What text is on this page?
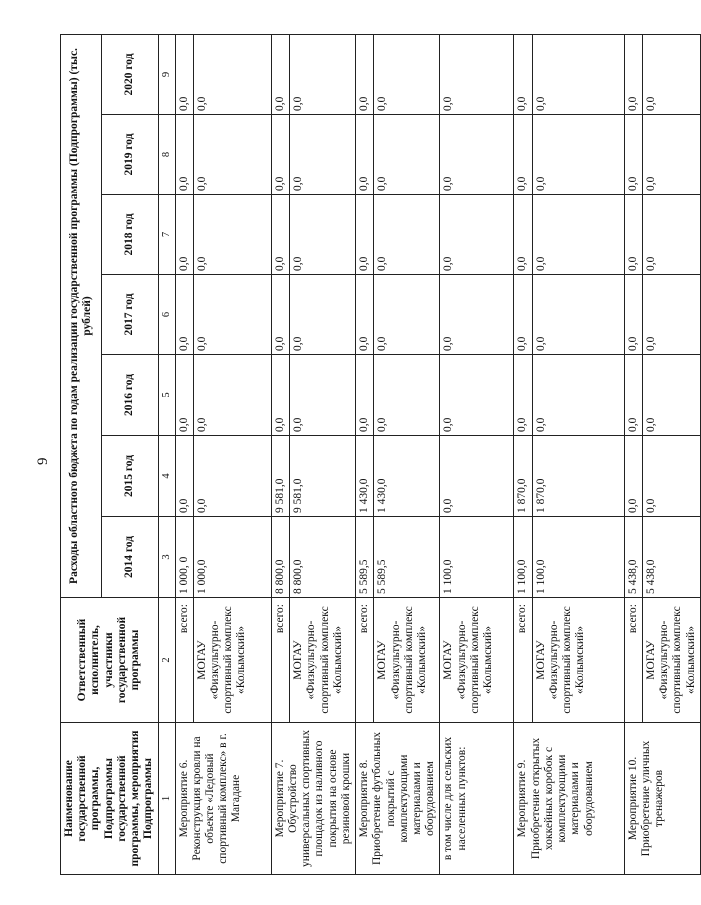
9
Наименование государственной программы, Подпрограммы государственной программы, мероприятия Подпрограммы	Ответственный исполнитель, участники государственной программы	Расходы областного бюджета по годам реализации государственной программы (Подпрограммы) (тыс. рублей)						
		2014 год	2015 год	2016 год	2017 год	2018 год	2019 год	2020 год
1	2	3	4	5	6	7	8	9
Мероприятие 6. Реконструкция кровли на объекте «Ледовый спортивный комплекс» в г. Магадане	всего:	1 000, 0	0,0	0,0	0,0	0,0	0,0	0,0
	МОГАУ «Физкультурно-спортивный комплекс «Колымский»	1 000,0	0,0	0,0	0,0	0,0	0,0	0,0
Мероприятие 7. Обустройство универсальных спортивных площадок из наливного покрытия на основе резиновой крошки	всего:	8 800,0	9 581,0	0,0	0,0	0,0	0,0	0,0
	МОГАУ «Физкультурно-спортивный комплекс «Колымский»	8 800,0	9 581,0	0,0	0,0	0,0	0,0	0,0
Мероприятие 8. Приобретение футбольных покрытий с комплектующими материалами и оборудованием	всего:	5 589,5	1 430,0	0,0	0,0	0,0	0,0	0,0
	МОГАУ «Физкультурно-спортивный комплекс «Колымский»	5 589,5	1 430,0	0,0	0,0	0,0	0,0	0,0
в том числе для сельских населенных пунктов:	МОГАУ «Физкультурно-спортивный комплекс «Колымский»	1 100,0	0,0	0,0	0,0	0,0	0,0	0,0
Мероприятие 9. Приобретение открытых хоккейных коробок с комплектующими материалами и оборудованием	всего:	1 100,0	1 870,0	0,0	0,0	0,0	0,0	0,0
	МОГАУ «Физкультурно-спортивный комплекс «Колымский»	1 100,0	1 870,0	0,0	0,0	0,0	0,0	0,0
Мероприятие 10. Приобретение уличных тренажеров	всего:	5 438,0	0,0	0,0	0,0	0,0	0,0	0,0
	МОГАУ «Физкультурно-спортивный комплекс «Колымский»	5 438,0	0,0	0,0	0,0	0,0	0,0	0,0
